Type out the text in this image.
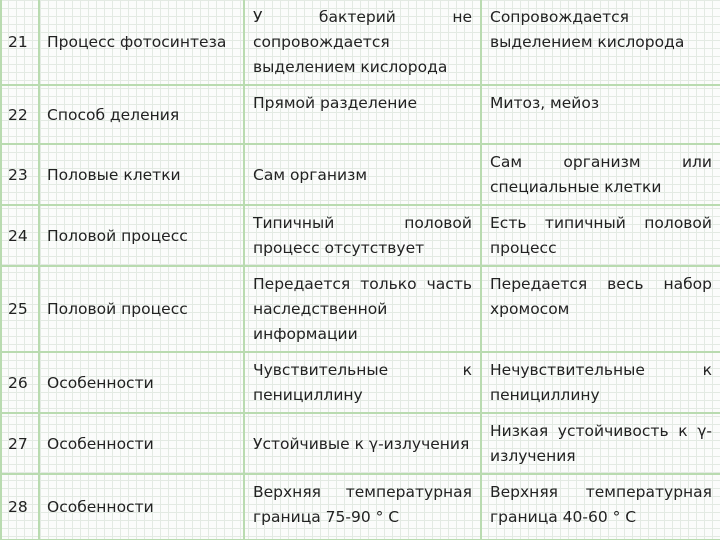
21	Процесс фотосинтеза	У бактерий не сопровождается выделением кислорода	Сопровождается выделением кислорода

22	Способ деления	Прямой разделение	Митоз, мейоз

23	Половые клетки	Сам организм	Сам организм или специальные клетки

24	Половой процесс	Типичный половой процесс отсутствует	Есть типичный половой процесс

25	Половой процесс	Передается только часть наследственной информации	Передается весь набор хромосом

26	Особенности	Чувствительные к пенициллину	Нечувствительные к пенициллину

27	Особенности	Устойчивые к γ-излучения	Низкая устойчивость к γ-излучения

28	Особенности	Верхняя температурная граница 75-90 ° С	Верхняя температурная граница 40-60 ° С
